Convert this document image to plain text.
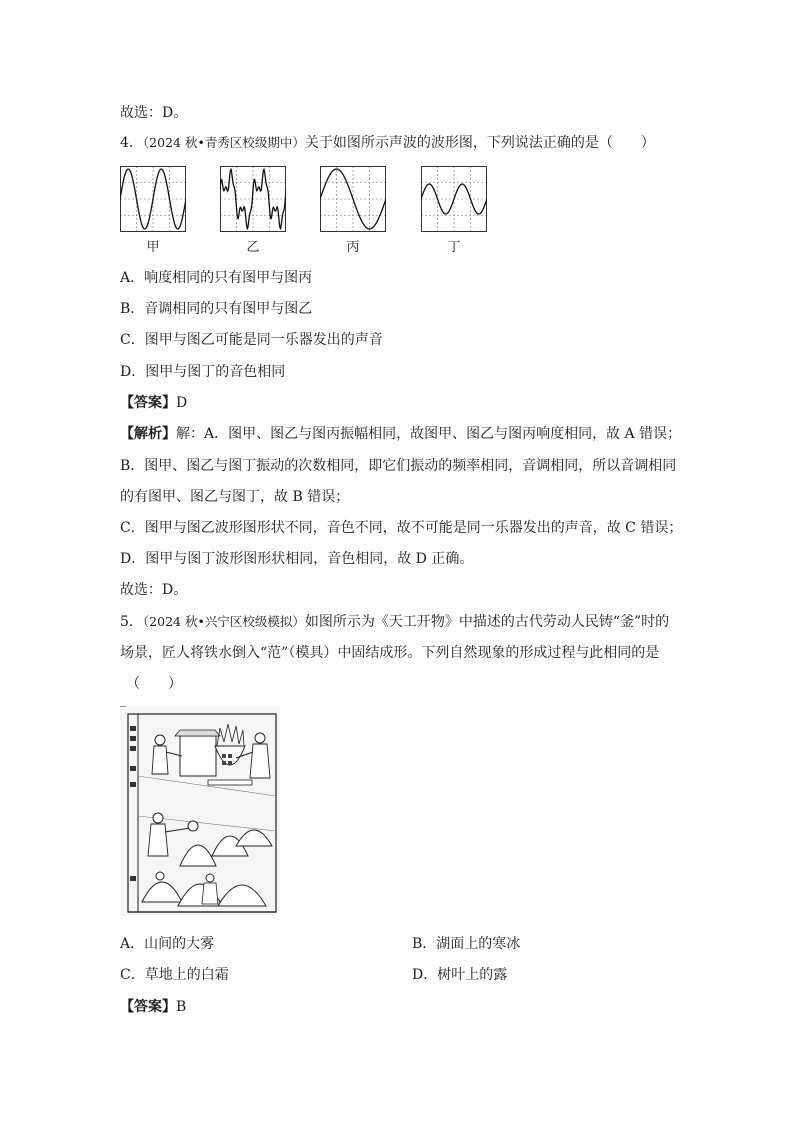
故选：D。
4．（2024 秋•青秀区校级期中）关于如图所示声波的波形图，下列说法正确的是（　　）
甲	乙	丙	丁
A．响度相同的只有图甲与图丙
B．音调相同的只有图甲与图乙
C．图甲与图乙可能是同一乐器发出的声音
D．图甲与图丁的音色相同
【答案】D
【解析】解：A．图甲、图乙与图丙振幅相同，故图甲、图乙与图丙响度相同，故 A 错误；
B．图甲、图乙与图丁振动的次数相同，即它们振动的频率相同，音调相同，所以音调相同
的有图甲、图乙与图丁，故 B 错误；
C．图甲与图乙波形图形状不同，音色不同，故不可能是同一乐器发出的声音，故 C 错误；
D．图甲与图丁波形图形状相同，音色相同，故 D 正确。
故选：D。
5．（2024 秋•兴宁区校级模拟）如图所示为《天工开物》中描述的古代劳动人民铸“釜”时的
场景，匠人将铁水倒入“范”（模具）中固结成形。下列自然现象的形成过程与此相同的是
（　　）
A．山间的大雾	B．湖面上的寒冰
C．草地上的白霜	D．树叶上的露
【答案】B
